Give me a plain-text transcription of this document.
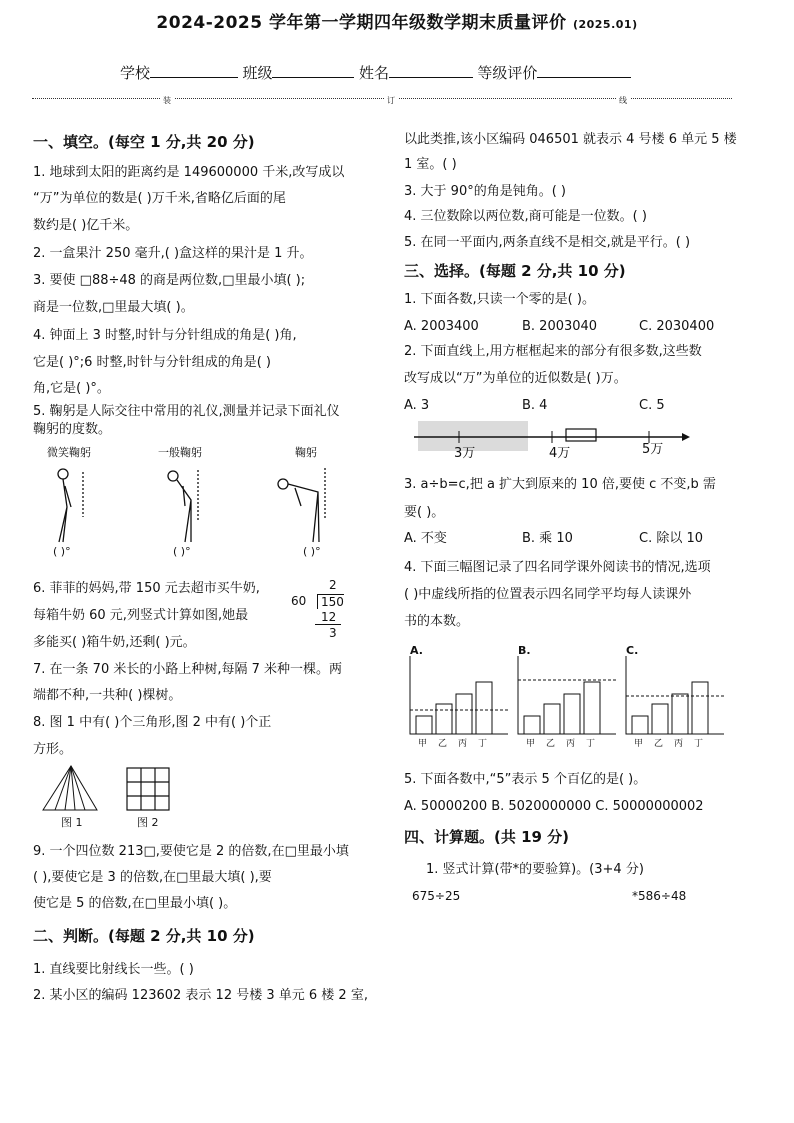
2024-2025 学年第一学期四年级数学期末质量评价 (2025.01)
学校	班级	姓名	等级评价
装	订	线
一、填空。(每空 1 分,共 20 分)
1. 地球到太阳的距离约是 149600000 千米,改写成以
“万”为单位的数是( )万千米,省略亿后面的尾
数约是( )亿千米。
2. 一盒果汁 250 毫升,( )盒这样的果汁是 1 升。
3. 要使 □88÷48 的商是两位数,□里最小填( );
商是一位数,□里最大填( )。
4. 钟面上 3 时整,时针与分针组成的角是( )角,
它是( )°;6 时整,时针与分针组成的角是( )
角,它是( )°。
5. 鞠躬是人际交往中常用的礼仪,测量并记录下面礼仪
鞠躬的度数。
微笑鞠躬	一般鞠躬	鞠躬
( )°	( )°	( )°
6. 菲菲的妈妈,带 150 元去超市买牛奶,
每箱牛奶 60 元,列竖式计算如图,她最
多能买( )箱牛奶,还剩( )元。
2
60	150
12
3
7. 在一条 70 米长的小路上种树,每隔 7 米种一棵。两
端都不种,一共种( )棵树。
8. 图 1 中有( )个三角形,图 2 中有( )个正
方形。
图 1	图 2
9. 一个四位数 213□,要使它是 2 的倍数,在□里最小填
( ),要使它是 3 的倍数,在□里最大填( ),要
使它是 5 的倍数,在□里最小填( )。
二、判断。(每题 2 分,共 10 分)
1. 直线要比射线长一些。( )
2. 某小区的编码 123602 表示 12 号楼 3 单元 6 楼 2 室,
以此类推,该小区编码 046501 就表示 4 号楼 6 单元 5 楼
1 室。( )
3. 大于 90°的角是钝角。( )
4. 三位数除以两位数,商可能是一位数。( )
5. 在同一平面内,两条直线不是相交,就是平行。( )
三、选择。(每题 2 分,共 10 分)
1. 下面各数,只读一个零的是( )。
A. 2003400	B. 2003040	C. 2030400
2. 下面直线上,用方框框起来的部分有很多数,这些数
改写成以“万”为单位的近似数是( )万。
A. 3	B. 4	C. 5
3万	4万	5万
3. a÷b=c,把 a 扩大到原来的 10 倍,要使 c 不变,b 需
要( )。
A. 不变	B. 乘 10	C. 除以 10
4. 下面三幅图记录了四名同学课外阅读书的情况,选项
( )中虚线所指的位置表示四名同学平均每人读课外
书的本数。
A.	B.	C.
甲 乙 丙 丁	甲 乙 丙 丁	甲 乙 丙 丁
5. 下面各数中,“5”表示 5 个百亿的是( )。
A. 50000200 B. 5020000000 C. 50000000002
四、计算题。(共 19 分)
1. 竖式计算(带*的要验算)。(3+4 分)
675÷25	*586÷48
